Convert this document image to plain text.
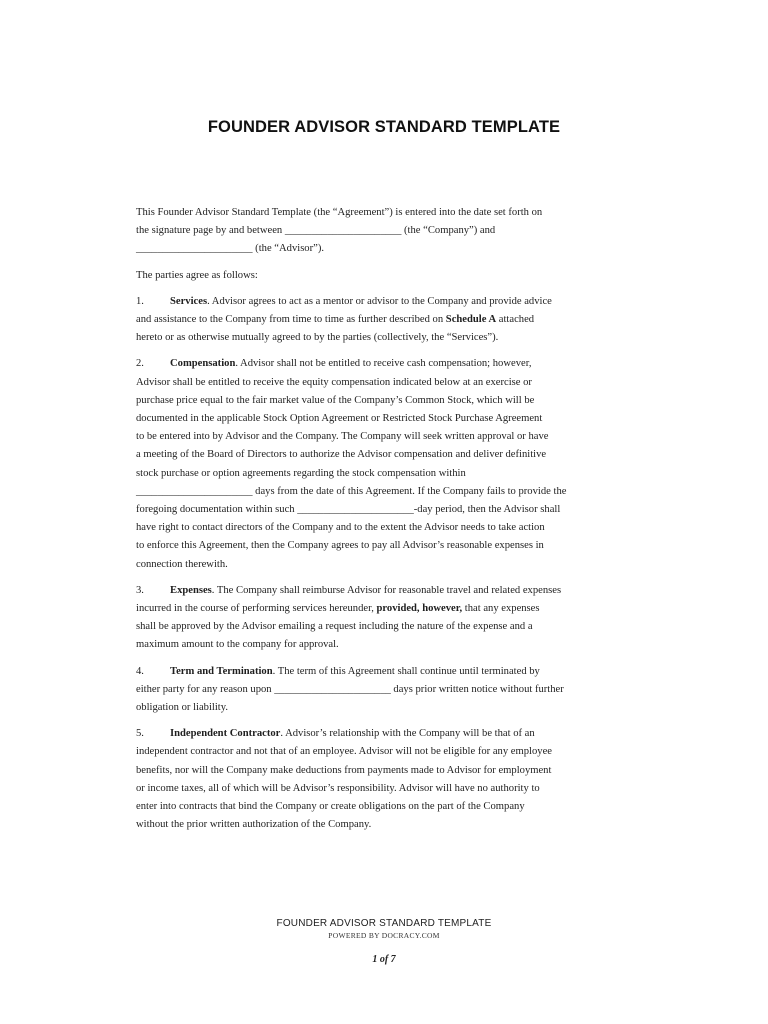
FOUNDER ADVISOR STANDARD TEMPLATE
This Founder Advisor Standard Template (the “Agreement”) is entered into the date set forth on
the signature page by and between ______________________ (the “Company”) and
______________________ (the “Advisor”).
The parties agree as follows:
1. Services. Advisor agrees to act as a mentor or advisor to the Company and provide advice
and assistance to the Company from time to time as further described on Schedule A attached
hereto or as otherwise mutually agreed to by the parties (collectively, the “Services”).
2. Compensation. Advisor shall not be entitled to receive cash compensation; however,
Advisor shall be entitled to receive the equity compensation indicated below at an exercise or
purchase price equal to the fair market value of the Company’s Common Stock, which will be
documented in the applicable Stock Option Agreement or Restricted Stock Purchase Agreement
to be entered into by Advisor and the Company. The Company will seek written approval or have
a meeting of the Board of Directors to authorize the Advisor compensation and deliver definitive
stock purchase or option agreements regarding the stock compensation within
______________________ days from the date of this Agreement. If the Company fails to provide the
foregoing documentation within such ______________________-day period, then the Advisor shall
have right to contact directors of the Company and to the extent the Advisor needs to take action
to enforce this Agreement, then the Company agrees to pay all Advisor’s reasonable expenses in
connection therewith.
3. Expenses. The Company shall reimburse Advisor for reasonable travel and related expenses
incurred in the course of performing services hereunder, provided, however, that any expenses
shall be approved by the Advisor emailing a request including the nature of the expense and a
maximum amount to the company for approval.
4. Term and Termination. The term of this Agreement shall continue until terminated by
either party for any reason upon ______________________ days prior written notice without further
obligation or liability.
5. Independent Contractor. Advisor’s relationship with the Company will be that of an
independent contractor and not that of an employee. Advisor will not be eligible for any employee
benefits, nor will the Company make deductions from payments made to Advisor for employment
or income taxes, all of which will be Advisor’s responsibility. Advisor will have no authority to
enter into contracts that bind the Company or create obligations on the part of the Company
without the prior written authorization of the Company.
FOUNDER ADVISOR STANDARD TEMPLATE
POWERED BY DOCRACY.COM
1 of 7
